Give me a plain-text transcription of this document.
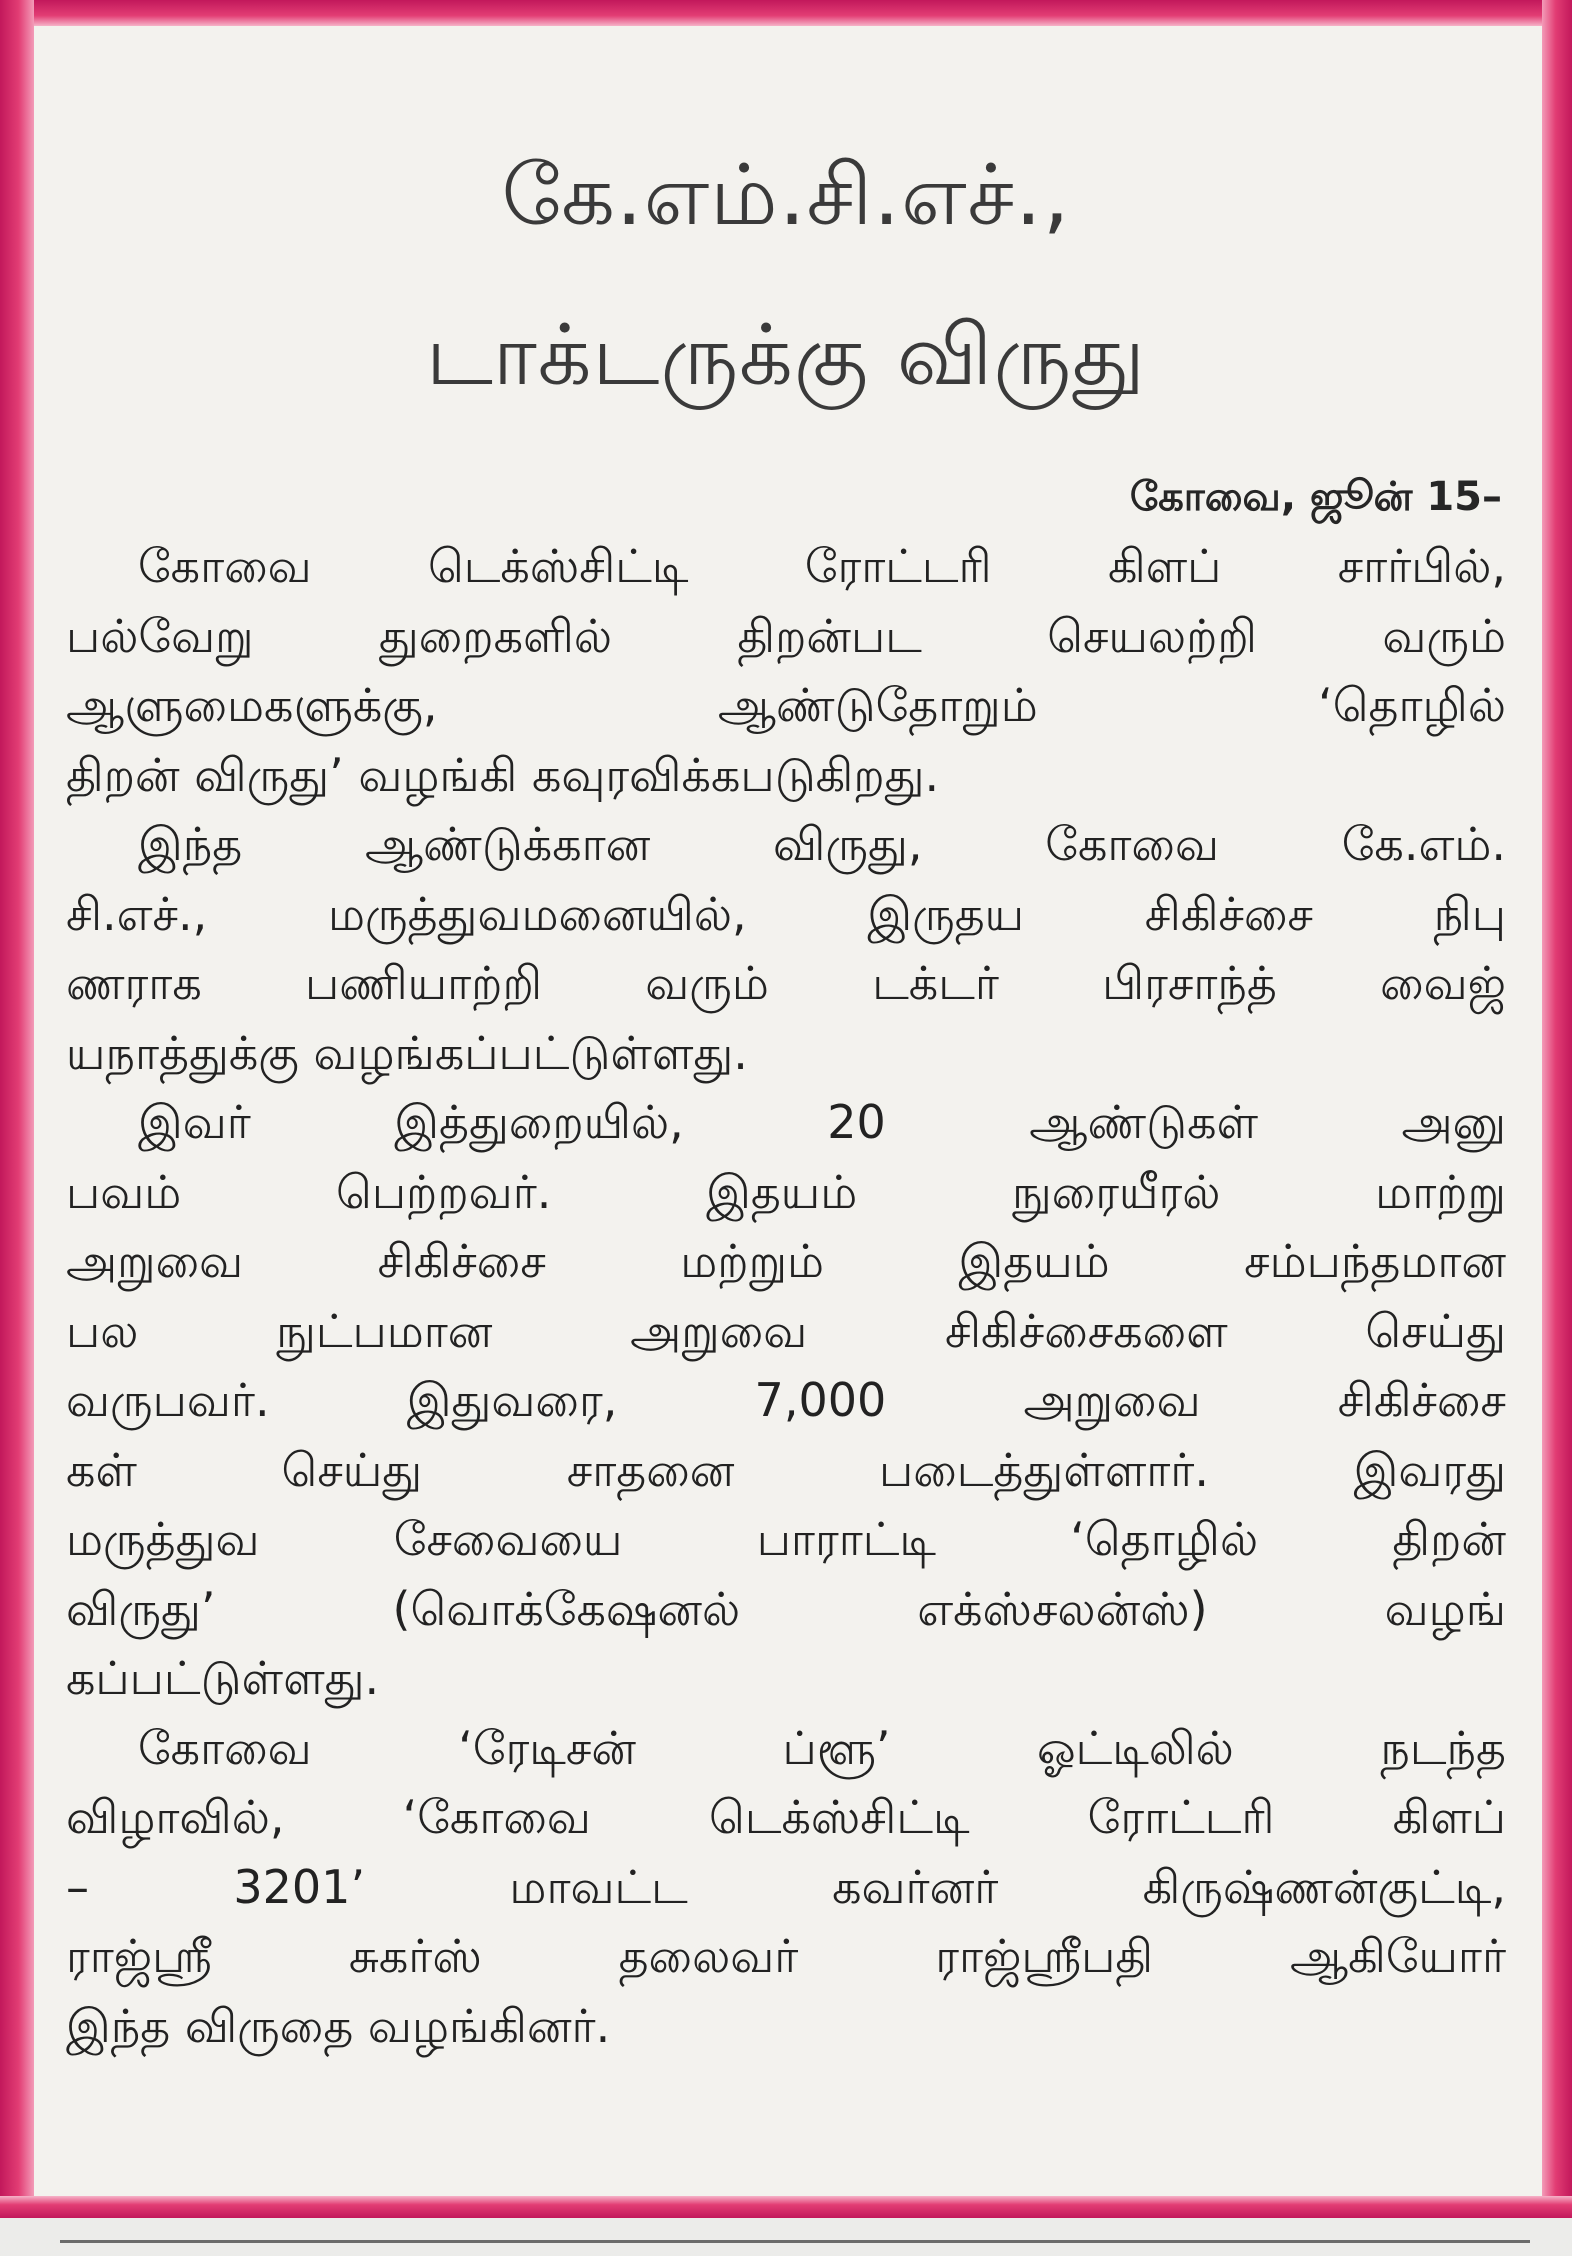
கே.எம்.சி.எச்.,
டாக்டருக்கு விருது
கோவை, ஜூன் 15–
கோவை டெக்ஸ்சிட்டி ரோட்டரி கிளப் சார்பில்,
பல்வேறு துறைகளில் திறன்பட செயலற்றி வரும்
ஆளுமைகளுக்கு, ஆண்டுதோறும் ‘தொழில்
திறன் விருது’ வழங்கி கவுரவிக்கபடுகிறது.
இந்த ஆண்டுக்கான விருது, கோவை கே.எம்.
சி.எச்., மருத்துவமனையில், இருதய சிகிச்சை நிபு
ணராக பணியாற்றி வரும் டக்டர் பிரசாந்த் வைஜ்
யநாத்துக்கு வழங்கப்பட்டுள்ளது.
இவர் இத்துறையில், 20 ஆண்டுகள் அனு
பவம் பெற்றவர். இதயம் நுரையீரல் மாற்று
அறுவை சிகிச்சை மற்றும் இதயம் சம்பந்தமான
பல நுட்பமான அறுவை சிகிச்சைகளை செய்து
வருபவர். இதுவரை, 7,000 அறுவை சிகிச்சை
கள் செய்து சாதனை படைத்துள்ளார். இவரது
மருத்துவ சேவையை பாராட்டி ‘தொழில் திறன்
விருது’ (வொக்கேஷனல் எக்ஸ்சலன்ஸ்) வழங்
கப்பட்டுள்ளது.
கோவை ‘ரேடிசன் ப்ளூ’ ஓட்டிலில் நடந்த
விழாவில், ‘கோவை டெக்ஸ்சிட்டி ரோட்டரி கிளப்
– 3201’ மாவட்ட கவர்னர் கிருஷ்ணன்குட்டி,
ராஜ்ஸ்ரீ சுகர்ஸ் தலைவர் ராஜ்ஸ்ரீபதி ஆகியோர்
இந்த விருதை வழங்கினர்.
